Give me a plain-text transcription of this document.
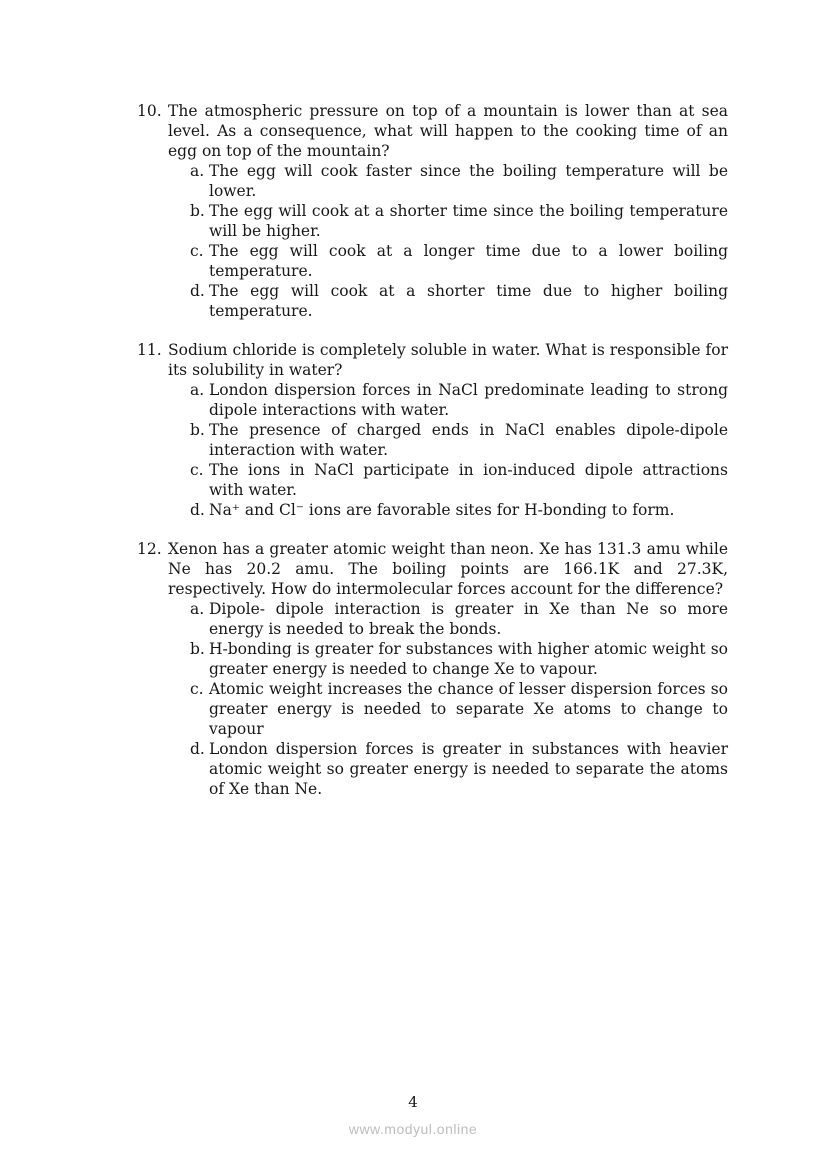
10. The atmospheric pressure on top of a mountain is lower than at sea level. As a consequence, what will happen to the cooking time of an egg on top of the mountain?
a. The egg will cook faster since the boiling temperature will be lower.
b. The egg will cook at a shorter time since the boiling temperature will be higher.
c. The egg will cook at a longer time due to a lower boiling temperature.
d. The egg will cook at a shorter time due to higher boiling temperature.
11. Sodium chloride is completely soluble in water. What is responsible for its solubility in water?
a. London dispersion forces in NaCl predominate leading to strong dipole interactions with water.
b. The presence of charged ends in NaCl enables dipole-dipole interaction with water.
c. The ions in NaCl participate in ion-induced dipole attractions with water.
d. Na⁺ and Cl⁻ ions are favorable sites for H-bonding to form.
12. Xenon has a greater atomic weight than neon. Xe has 131.3 amu while Ne has 20.2 amu. The boiling points are 166.1K and 27.3K, respectively. How do intermolecular forces account for the difference?
a. Dipole- dipole interaction is greater in Xe than Ne so more energy is needed to break the bonds.
b. H-bonding is greater for substances with higher atomic weight so greater energy is needed to change Xe to vapour.
c. Atomic weight increases the chance of lesser dispersion forces so greater energy is needed to separate Xe atoms to change to vapour
d. London dispersion forces is greater in substances with heavier atomic weight so greater energy is needed to separate the atoms of Xe than Ne.
4
www.modyul.online
